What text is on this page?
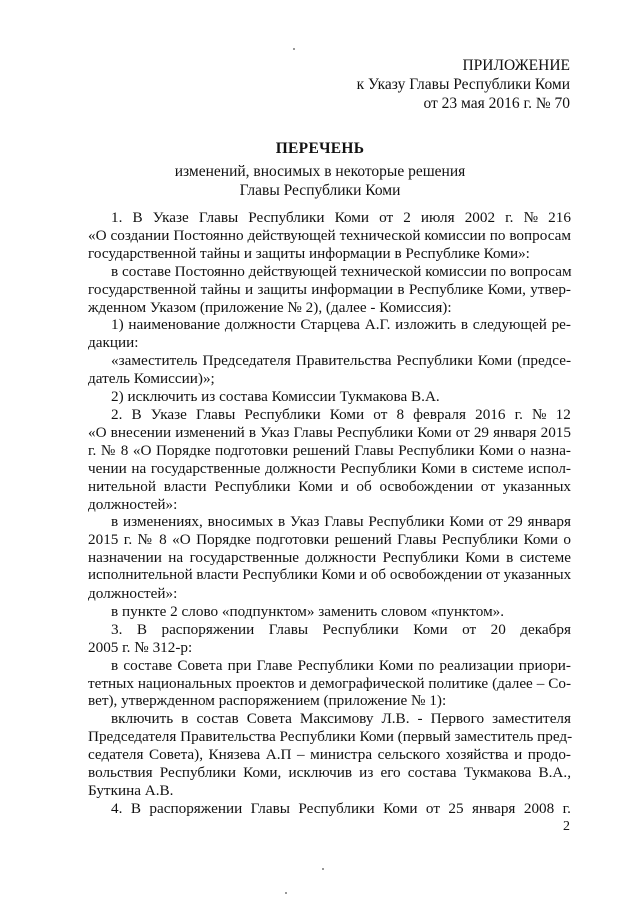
ПРИЛОЖЕНИЕ
к Указу Главы Республики Коми
от 23 мая 2016 г. № 70
ПЕРЕЧЕНЬ
изменений, вносимых в некоторые решения
Главы Республики Коми
1. В Указе Главы Республики Коми от 2 июля 2002 г. № 216
«О создании Постоянно действующей технической комиссии по вопросам
государственной тайны и защиты информации в Республике Коми»:
в составе Постоянно действующей технической комиссии по вопросам
государственной тайны и защиты информации в Республике Коми, утвер-
жденном Указом (приложение № 2), (далее - Комиссия):
1) наименование должности Старцева А.Г. изложить в следующей ре-
дакции:
«заместитель Председателя Правительства Республики Коми (предсе-
датель Комиссии)»;
2) исключить из состава Комиссии Тукмакова В.А.
2. В Указе Главы Республики Коми от 8 февраля 2016 г. № 12
«О внесении изменений в Указ Главы Республики Коми от 29 января 2015
г. № 8 «О Порядке подготовки решений Главы Республики Коми о назна-
чении на государственные должности Республики Коми в системе испол-
нительной власти Республики Коми и об освобождении от указанных
должностей»:
в изменениях, вносимых в Указ Главы Республики Коми от 29 января
2015 г. № 8 «О Порядке подготовки решений Главы Республики Коми о
назначении на государственные должности Республики Коми в системе
исполнительной власти Республики Коми и об освобождении от указанных
должностей»:
в пункте 2 слово «подпунктом» заменить словом «пунктом».
3. В распоряжении Главы Республики Коми от 20 декабря
2005 г. № 312-р:
в составе Совета при Главе Республики Коми по реализации приори-
тетных национальных проектов и демографической политике (далее – Со-
вет), утвержденном распоряжением (приложение № 1):
включить в состав Совета Максимову Л.В. - Первого заместителя
Председателя Правительства Республики Коми (первый заместитель пред-
седателя Совета), Князева А.П – министра сельского хозяйства и продо-
вольствия Республики Коми, исключив из его состава Тукмакова В.А.,
Буткина А.В.
4. В распоряжении Главы Республики Коми от 25 января 2008 г.
2
